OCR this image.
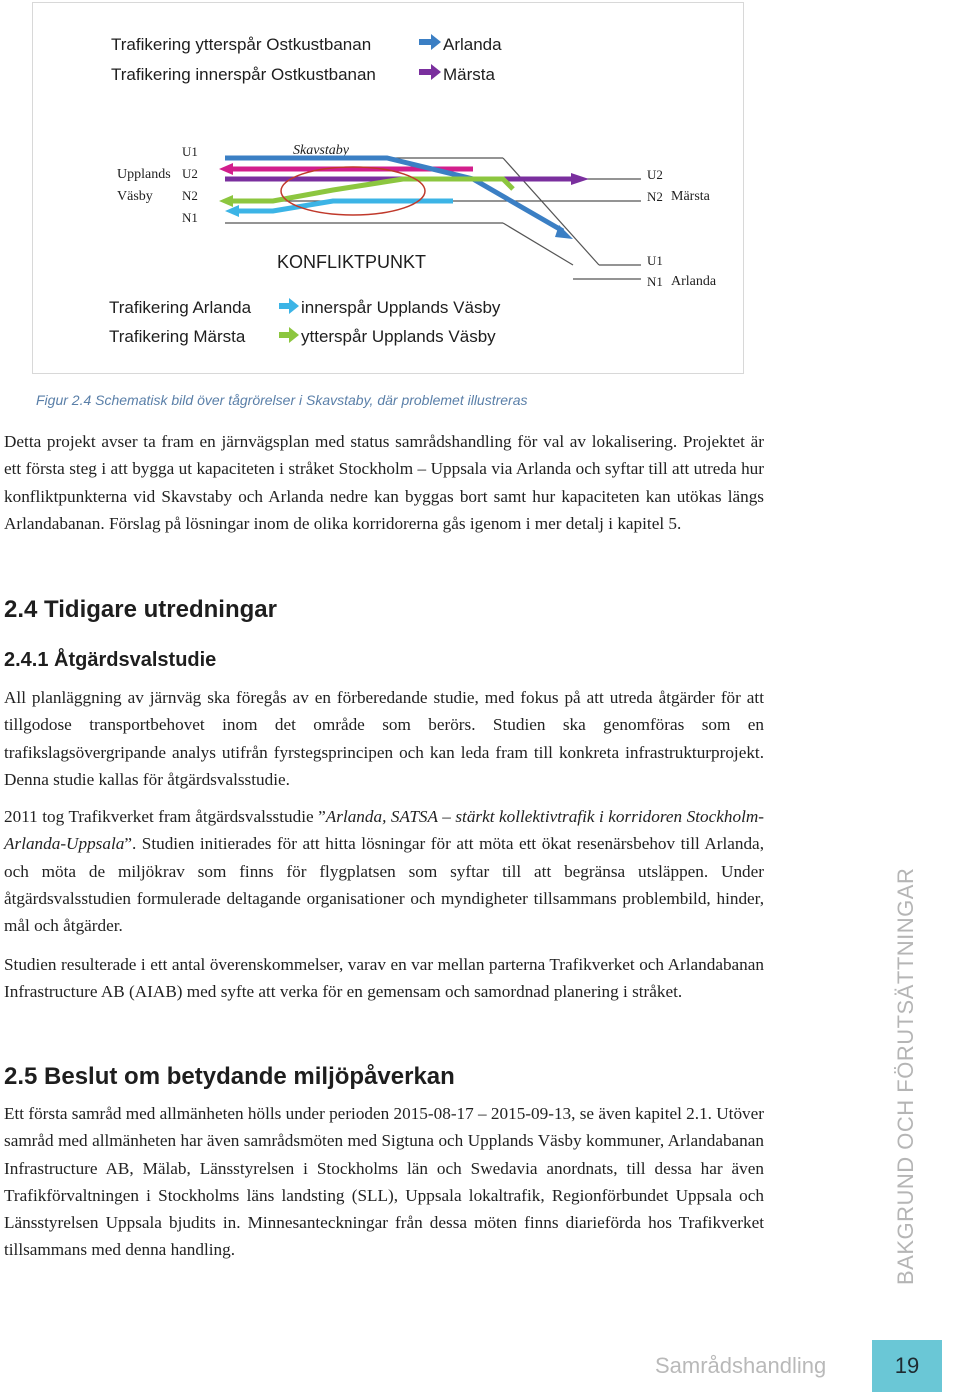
Trafikering ytterspår Ostkustbanan	Arlanda
Trafikering innerspår Ostkustbanan	Märsta
Upplands
Väsby
U1
U2
N2
N1
Skavstaby
KONFLIKTPUNKT
U2
N2 Märsta
U1
N1 Arlanda
Trafikering Arlanda	innerspår Upplands Väsby
Trafikering Märsta	ytterspår Upplands Väsby
Figur 2.4 Schematisk bild över tågrörelser i Skavstaby, där problemet illustreras

Detta projekt avser ta fram en järnvägsplan med status samrådshandling för val av lokalisering. Projektet är ett första steg i att bygga ut kapaciteten i stråket Stockholm – Uppsala via Arlanda och syftar till att utreda hur konfliktpunkterna vid Skavstaby och Arlanda nedre kan byggas bort samt hur kapaciteten kan utökas längs Arlandabanan. Förslag på lösningar inom de olika korridorerna gås igenom i mer detalj i kapitel 5.

2.4 Tidigare utredningar
2.4.1 Åtgärdsvalstudie

All planläggning av järnväg ska föregås av en förberedande studie, med fokus på att utreda åtgärder för att tillgodose transportbehovet inom det område som berörs. Studien ska genomföras som en trafikslagsövergripande analys utifrån fyrstegsprincipen och kan leda fram till konkreta infrastrukturprojekt. Denna studie kallas för åtgärdsvalsstudie.

2011 tog Trafikverket fram åtgärdsvalsstudie ”Arlanda, SATSA – stärkt kollektivtrafik i korridoren Stockholm-Arlanda-Uppsala”. Studien initierades för att hitta lösningar för att möta ett ökat resenärsbehov till Arlanda, och möta de miljökrav som finns för flygplatsen som syftar till att begränsa utsläppen. Under åtgärdsvalsstudien formulerade deltagande organisationer och myndigheter tillsammans problembild, hinder, mål och åtgärder.

Studien resulterade i ett antal överenskommelser, varav en var mellan parterna Trafikverket och Arlandabanan Infrastructure AB (AIAB) med syfte att verka för en gemensam och samordnad planering i stråket.

2.5 Beslut om betydande miljöpåverkan

Ett första samråd med allmänheten hölls under perioden 2015-08-17 – 2015-09-13, se även kapitel 2.1. Utöver samråd med allmänheten har även samrådsmöten med Sigtuna och Upplands Väsby kommuner, Arlandabanan Infrastructure AB, Mälab, Länsstyrelsen i Stockholms län och Swedavia anordnats, till dessa har även Trafikförvaltningen i Stockholms läns landsting (SLL), Uppsala lokaltrafik, Regionförbundet Uppsala och Länsstyrelsen Uppsala bjudits in. Minnesanteckningar från dessa möten finns diarieförda hos Trafikverket tillsammans med denna handling.	BAKGRUND OCH FÖRUTSÄTTNINGAR
Samrådshandling	19
